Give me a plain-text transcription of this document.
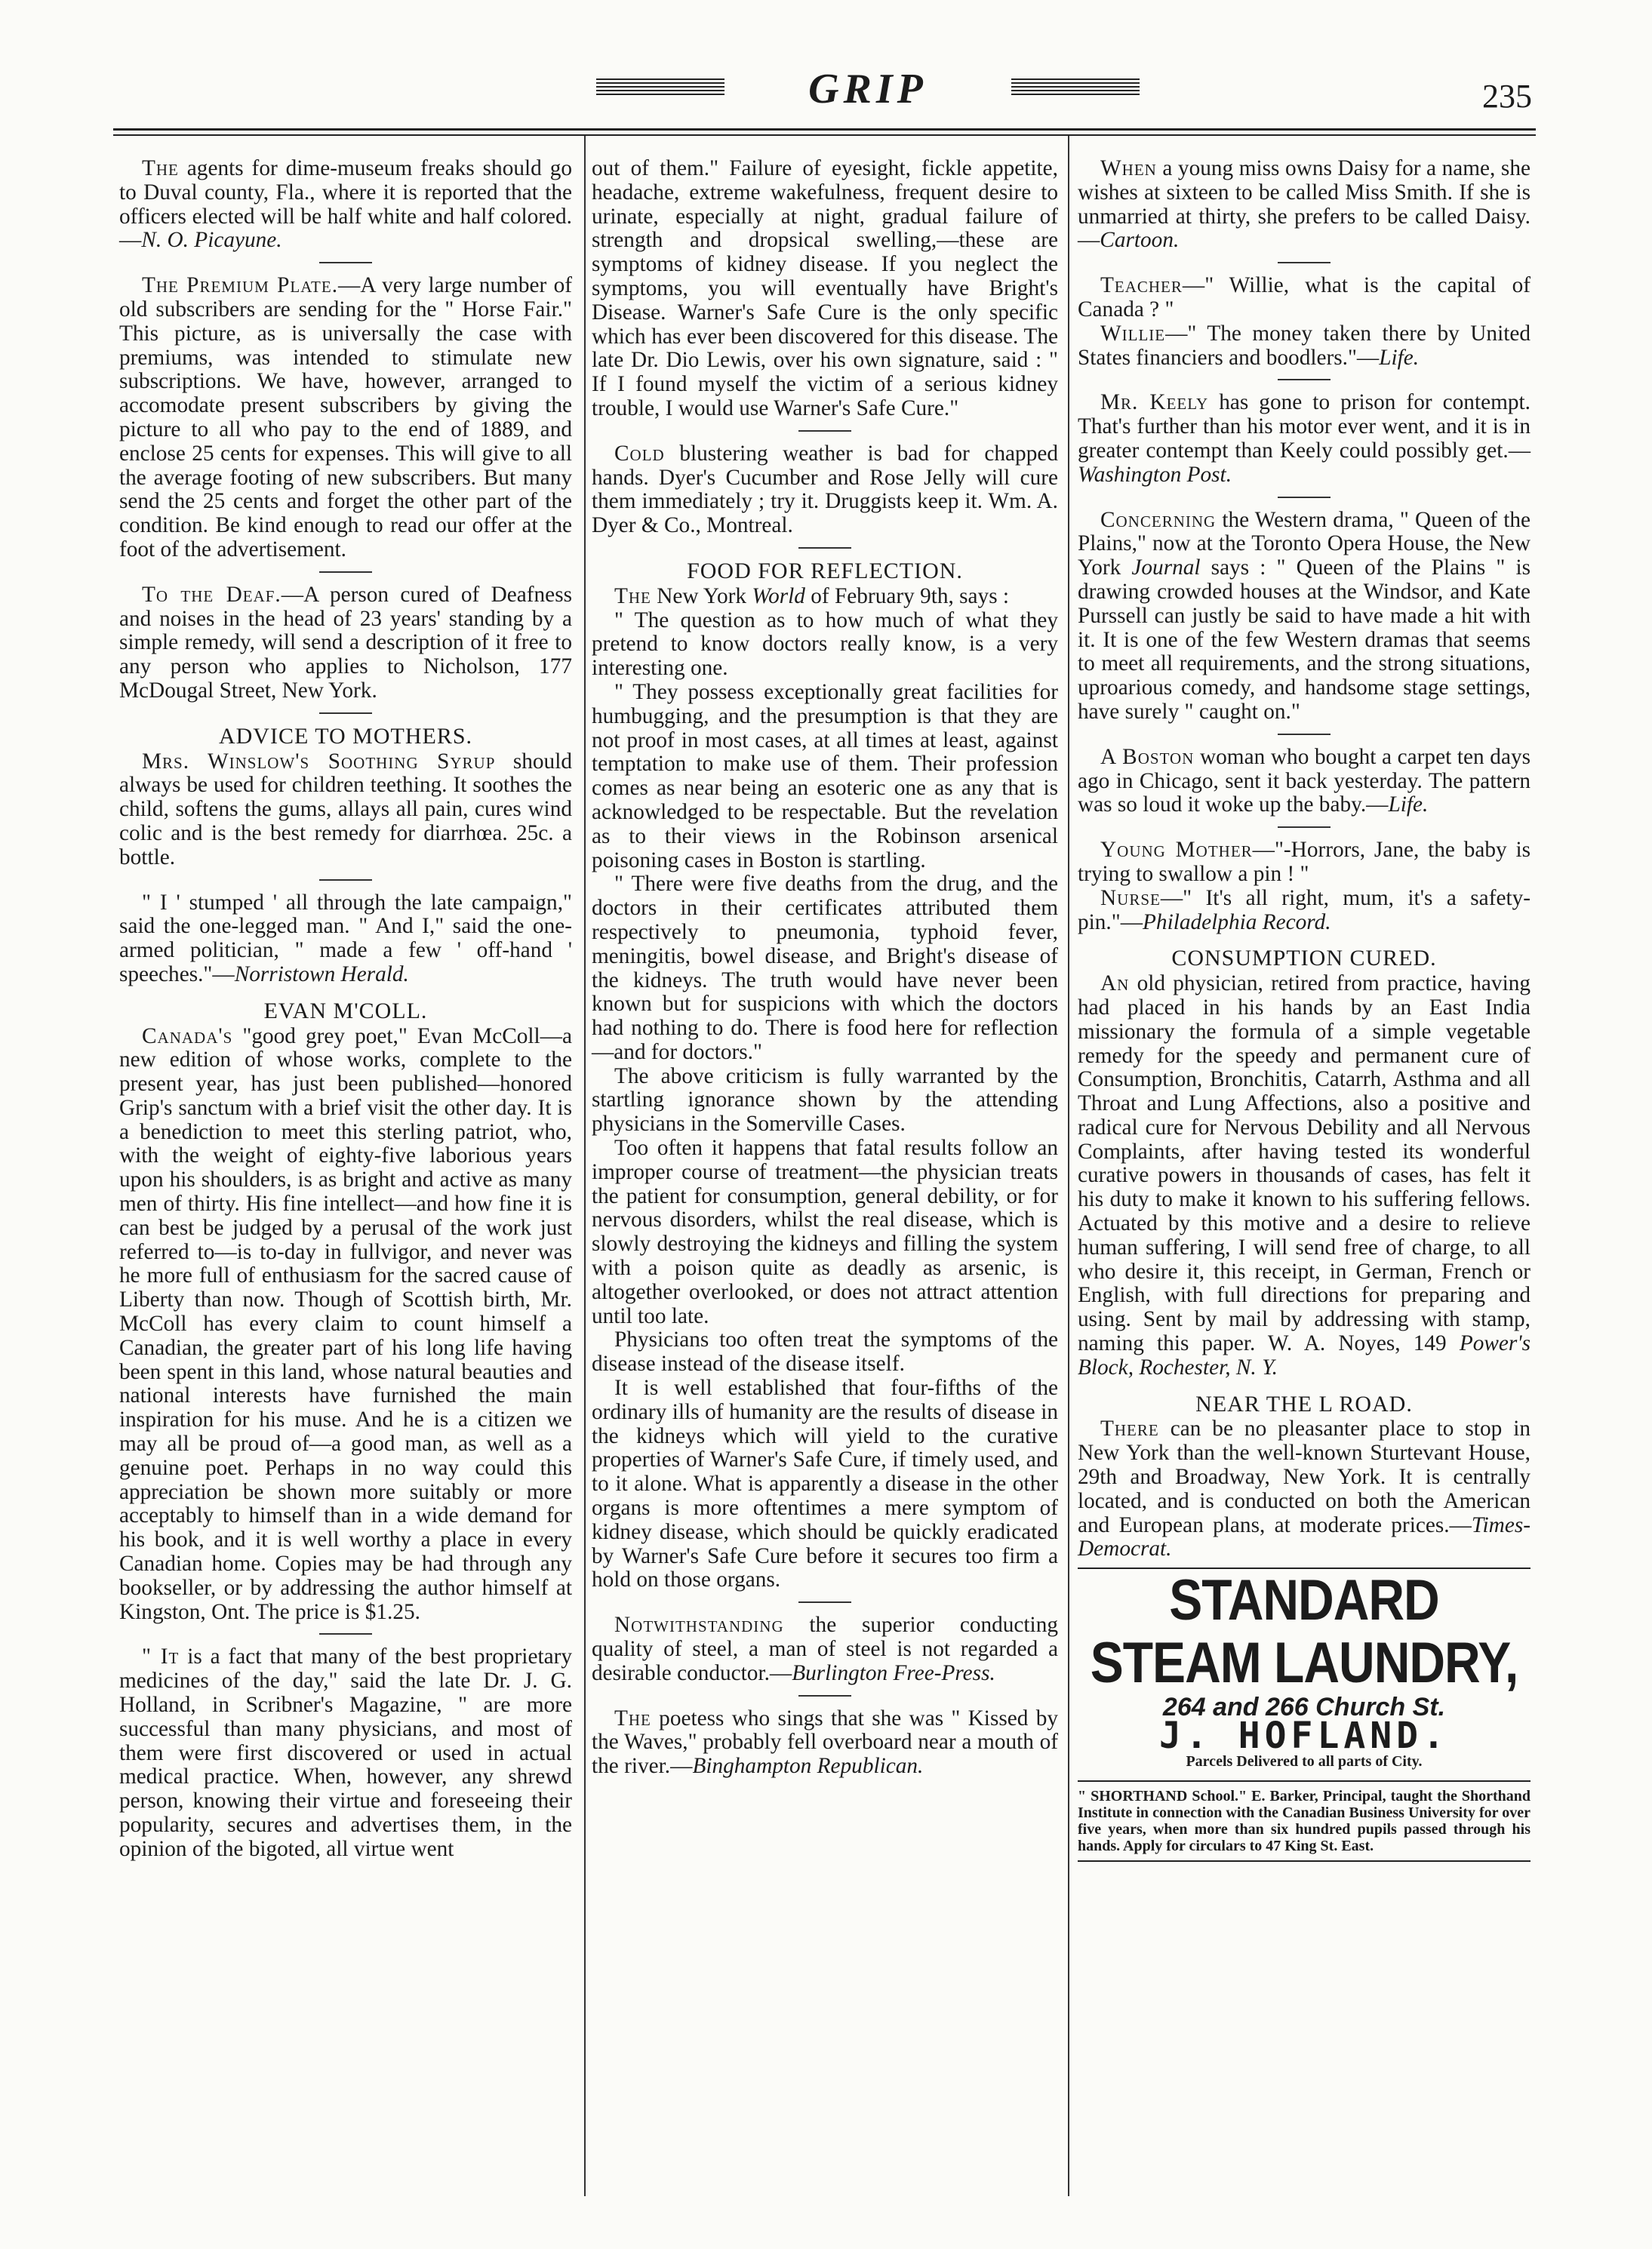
GRIP	235

The agents for dime-museum freaks should go to Duval county, Fla., where it is reported that the officers elected will be half white and half colored.—N. O. Picayune.

The Premium Plate.—A very large number of old subscribers are sending for the " Horse Fair." This picture, as is universally the case with premiums, was intended to stimulate new subscriptions. We have, however, arranged to accomodate present subscribers by giving the picture to all who pay to the end of 1889, and enclose 25 cents for expenses. This will give to all the average footing of new subscribers. But many send the 25 cents and forget the other part of the condition. Be kind enough to read our offer at the foot of the advertisement.

To the Deaf.—A person cured of Deafness and noises in the head of 23 years' standing by a simple remedy, will send a description of it free to any person who applies to Nicholson, 177 McDougal Street, New York.

ADVICE TO MOTHERS.

Mrs. Winslow's Soothing Syrup should always be used for children teething. It soothes the child, softens the gums, allays all pain, cures wind colic and is the best remedy for diarrhœa. 25c. a bottle.

" I ' stumped ' all through the late campaign," said the one-legged man. " And I," said the one-armed politician, " made a few ' off-hand ' speeches."—Norristown Herald.

EVAN M'COLL.

Canada's "good grey poet," Evan McColl—a new edition of whose works, complete to the present year, has just been published—honored Grip's sanctum with a brief visit the other day. It is a benediction to meet this sterling patriot, who, with the weight of eighty-five laborious years upon his shoulders, is as bright and active as many men of thirty. His fine intellect—and how fine it is can best be judged by a perusal of the work just referred to—is to-day in fullvigor, and never was he more full of enthusiasm for the sacred cause of Liberty than now. Though of Scottish birth, Mr. McColl has every claim to count himself a Canadian, the greater part of his long life having been spent in this land, whose natural beauties and national interests have furnished the main inspiration for his muse. And he is a citizen we may all be proud of—a good man, as well as a genuine poet. Perhaps in no way could this appreciation be shown more suitably or more acceptably to himself than in a wide demand for his book, and it is well worthy a place in every Canadian home. Copies may be had through any bookseller, or by addressing the author himself at Kingston, Ont. The price is $1.25.

" It is a fact that many of the best proprietary medicines of the day," said the late Dr. J. G. Holland, in Scribner's Magazine, " are more successful than many physicians, and most of them were first discovered or used in actual medical practice. When, however, any shrewd person, knowing their virtue and foreseeing their popularity, secures and advertises them, in the opinion of the bigoted, all virtue went

out of them." Failure of eyesight, fickle appetite, headache, extreme wakefulness, frequent desire to urinate, especially at night, gradual failure of strength and dropsical swelling,—these are symptoms of kidney disease. If you neglect the symptoms, you will eventually have Bright's Disease. Warner's Safe Cure is the only specific which has ever been discovered for this disease. The late Dr. Dio Lewis, over his own signature, said : " If I found myself the victim of a serious kidney trouble, I would use Warner's Safe Cure."

Cold blustering weather is bad for chapped hands. Dyer's Cucumber and Rose Jelly will cure them immediately ; try it. Druggists keep it. Wm. A. Dyer & Co., Montreal.

FOOD FOR REFLECTION.

The New York World of February 9th, says :

" The question as to how much of what they pretend to know doctors really know, is a very interesting one.

" They possess exceptionally great facilities for humbugging, and the presumption is that they are not proof in most cases, at all times at least, against temptation to make use of them. Their profession comes as near being an esoteric one as any that is acknowledged to be respectable. But the revelation as to their views in the Robinson arsenical poisoning cases in Boston is startling.

" There were five deaths from the drug, and the doctors in their certificates attributed them respectively to pneumonia, typhoid fever, meningitis, bowel disease, and Bright's disease of the kidneys. The truth would have never been known but for suspicions with which the doctors had nothing to do. There is food here for reflection—and for doctors."

The above criticism is fully warranted by the startling ignorance shown by the attending physicians in the Somerville Cases.

Too often it happens that fatal results follow an improper course of treatment—the physician treats the patient for consumption, general debility, or for nervous disorders, whilst the real disease, which is slowly destroying the kidneys and filling the system with a poison quite as deadly as arsenic, is altogether overlooked, or does not attract attention until too late.

Physicians too often treat the symptoms of the disease instead of the disease itself.

It is well established that four-fifths of the ordinary ills of humanity are the results of disease in the kidneys which will yield to the curative properties of Warner's Safe Cure, if timely used, and to it alone. What is apparently a disease in the other organs is more oftentimes a mere symptom of kidney disease, which should be quickly eradicated by Warner's Safe Cure before it secures too firm a hold on those organs.

Notwithstanding the superior conducting quality of steel, a man of steel is not regarded a desirable conductor.—Burlington Free-Press.

The poetess who sings that she was " Kissed by the Waves," probably fell overboard near a mouth of the river.—Binghampton Republican.

When a young miss owns Daisy for a name, she wishes at sixteen to be called Miss Smith. If she is unmarried at thirty, she prefers to be called Daisy.—Cartoon.

Teacher—" Willie, what is the capital of Canada ? "

Willie—" The money taken there by United States financiers and boodlers."—Life.

Mr. Keely has gone to prison for contempt. That's further than his motor ever went, and it is in greater contempt than Keely could possibly get.—Washington Post.

Concerning the Western drama, " Queen of the Plains," now at the Toronto Opera House, the New York Journal says : " Queen of the Plains " is drawing crowded houses at the Windsor, and Kate Purssell can justly be said to have made a hit with it. It is one of the few Western dramas that seems to meet all requirements, and the strong situations, uproarious comedy, and handsome stage settings, have surely " caught on."

A Boston woman who bought a carpet ten days ago in Chicago, sent it back yesterday. The pattern was so loud it woke up the baby.—Life.

Young Mother—"-Horrors, Jane, the baby is trying to swallow a pin ! "

Nurse—" It's all right, mum, it's a safety-pin."—Philadelphia Record.

CONSUMPTION CURED.

An old physician, retired from practice, having had placed in his hands by an East India missionary the formula of a simple vegetable remedy for the speedy and permanent cure of Consumption, Bronchitis, Catarrh, Asthma and all Throat and Lung Affections, also a positive and radical cure for Nervous Debility and all Nervous Complaints, after having tested its wonderful curative powers in thousands of cases, has felt it his duty to make it known to his suffering fellows. Actuated by this motive and a desire to relieve human suffering, I will send free of charge, to all who desire it, this receipt, in German, French or English, with full directions for preparing and using. Sent by mail by addressing with stamp, naming this paper. W. A. Noyes, 149 Power's Block, Rochester, N. Y.

NEAR THE L ROAD.

There can be no pleasanter place to stop in New York than the well-known Sturtevant House, 29th and Broadway, New York. It is centrally located, and is conducted on both the American and European plans, at moderate prices.—Times-Democrat.

STANDARD STEAM LAUNDRY,
264 and 266 Church St.
J. HOFLAND.
Parcels Delivered to all parts of City.
" SHORTHAND School." E. Barker, Principal, taught the Shorthand Institute in connection with the Canadian Business University for over five years, when more than six hundred pupils passed through his hands. Apply for circulars to 47 King St. East.
